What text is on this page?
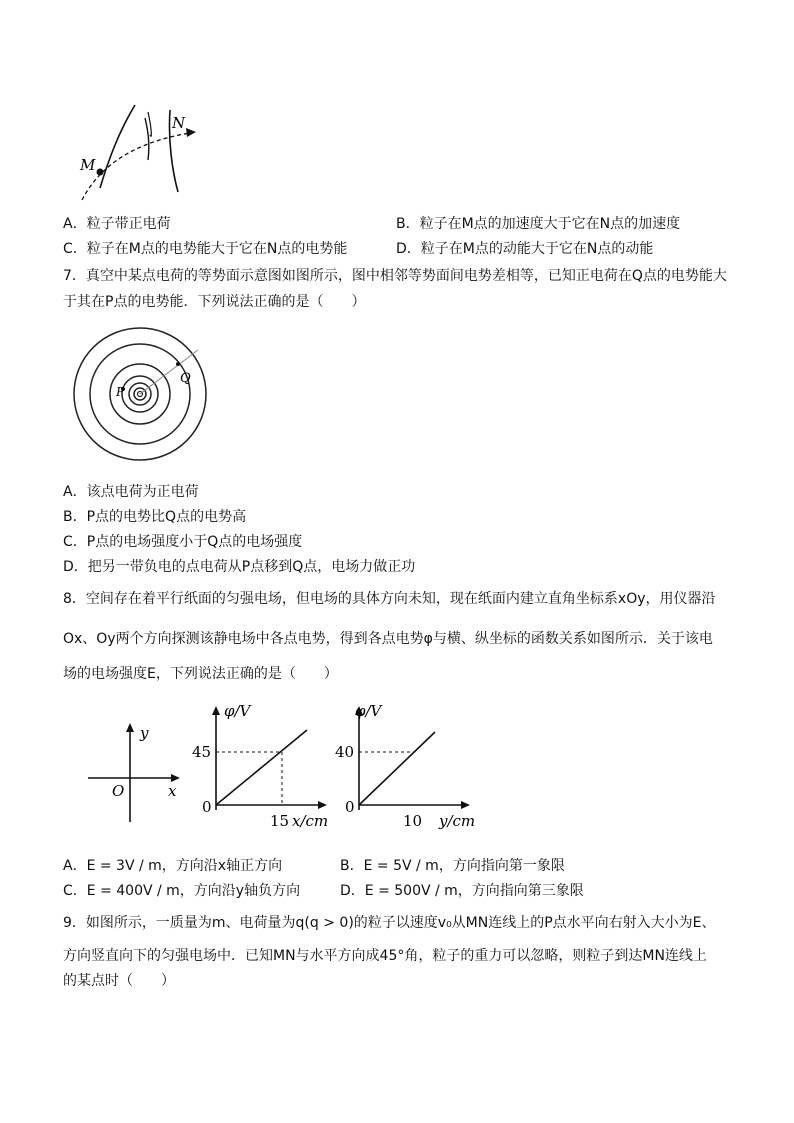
M
N
A．粒子带正电荷	B．粒子在M点的加速度大于它在N点的加速度
C．粒子在M点的电势能大于它在N点的电势能	D．粒子在M点的动能大于它在N点的动能
7．真空中某点电荷的等势面示意图如图所示，图中相邻等势面间电势差相等，已知正电荷在Q点的电势能大
于其在P点的电势能．下列说法正确的是（　　）
P
Q
A．该点电荷为正电荷
B．P点的电势比Q点的电势高
C．P点的电场强度小于Q点的电场强度
D．把另一带负电的点电荷从P点移到Q点，电场力做正功
8．空间存在着平行纸面的匀强电场，但电场的具体方向未知，现在纸面内建立直角坐标系xOy，用仪器沿
Ox、Oy两个方向探测该静电场中各点电势，得到各点电势φ与横、纵坐标的函数关系如图所示．关于该电
场的电场强度E，下列说法正确的是（　　）
y
x
O
φ/V
45
0
15 x/cm
φ/V
40
0
10 y/cm
A．E = 3V / m，方向沿x轴正方向	B．E = 5V / m，方向指向第一象限
C．E = 400V / m，方向沿y轴负方向	D．E = 500V / m，方向指向第三象限
9．如图所示，一质量为m、电荷量为q(q > 0)的粒子以速度v₀从MN连线上的P点水平向右射入大小为E、
方向竖直向下的匀强电场中．已知MN与水平方向成45°角，粒子的重力可以忽略，则粒子到达MN连线上
的某点时（　　）
